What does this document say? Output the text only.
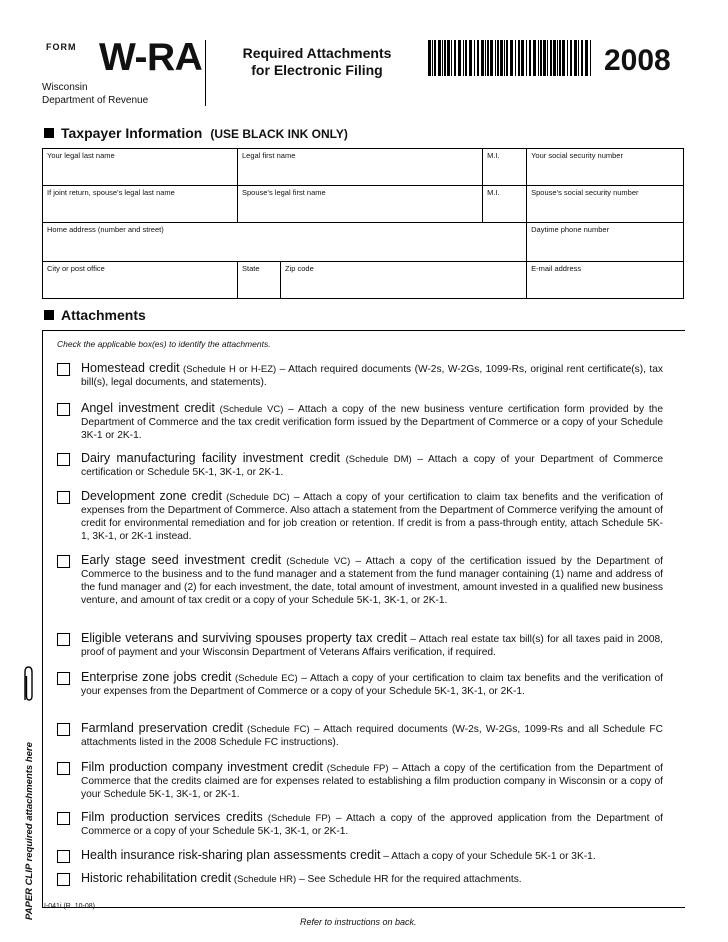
FORM W-RA
Wisconsin
Department of Revenue
Required Attachments
for Electronic Filing	2008
Taxpayer Information (USE BLACK INK ONLY)
Your legal last name	Legal first name		M.I.	Your social security number
If joint return, spouse’s legal last name	Spouse’s legal first name		M.I.	Spouse’s social security number
Home address (number and street)				Daytime phone number
City or post office	State	Zip code		E-mail address
Attachments
Check the applicable box(es) to identify the attachments.
Homestead credit (Schedule H or H-EZ) – Attach required documents (W-2s, W-2Gs, 1099-Rs, original rent certificate(s), tax bill(s), legal documents, and statements).
Angel investment credit (Schedule VC) – Attach a copy of the new business venture certification form provided by the Department of Commerce and the tax credit verification form issued by the Department of Commerce or a copy of your Schedule 3K-1 or 2K-1.
Dairy manufacturing facility investment credit (Schedule DM) – Attach a copy of your Department of Commerce certification or Schedule 5K-1, 3K-1, or 2K-1.
Development zone credit (Schedule DC) – Attach a copy of your certification to claim tax benefits and the verification of expenses from the Department of Commerce. Also attach a statement from the Department of Commerce verifying the amount of credit for environmental remediation and for job creation or retention. If credit is from a pass-through entity, attach Schedule 5K-1, 3K-1, or 2K-1 instead.
Early stage seed investment credit (Schedule VC) – Attach a copy of the certification issued by the Department of Commerce to the business and to the fund manager and a statement from the fund manager containing (1) name and address of the fund manager and (2) for each investment, the date, total amount of investment, amount invested in a qualified new business venture, and amount of tax credit or a copy of your Schedule 5K-1, 3K-1, or 2K-1.
Eligible veterans and surviving spouses property tax credit – Attach real estate tax bill(s) for all taxes paid in 2008, proof of payment and your Wisconsin Department of Veterans Affairs verification, if required.
Enterprise zone jobs credit (Schedule EC) – Attach a copy of your certification to claim tax benefits and the verification of your expenses from the Department of Commerce or a copy of your Schedule 5K-1, 3K-1, or 2K-1.
Farmland preservation credit (Schedule FC) – Attach required documents (W-2s, W-2Gs, 1099-Rs and all Schedule FC attachments listed in the 2008 Schedule FC instructions).
Film production company investment credit (Schedule FP) – Attach a copy of the certification from the Department of Commerce that the credits claimed are for expenses related to establishing a film production company in Wisconsin or a copy of your Schedule 5K-1, 3K-1, or 2K-1.
Film production services credits (Schedule FP) – Attach a copy of the approved application from the Department of Commerce or a copy of your Schedule 5K-1, 3K-1, or 2K-1.
Health insurance risk-sharing plan assessments credit – Attach a copy of your Schedule 5K-1 or 3K-1.
Historic rehabilitation credit (Schedule HR) – See Schedule HR for the required attachments.
PAPER CLIP required attachments here I-041i (R. 10-08)
Refer to instructions on back.
